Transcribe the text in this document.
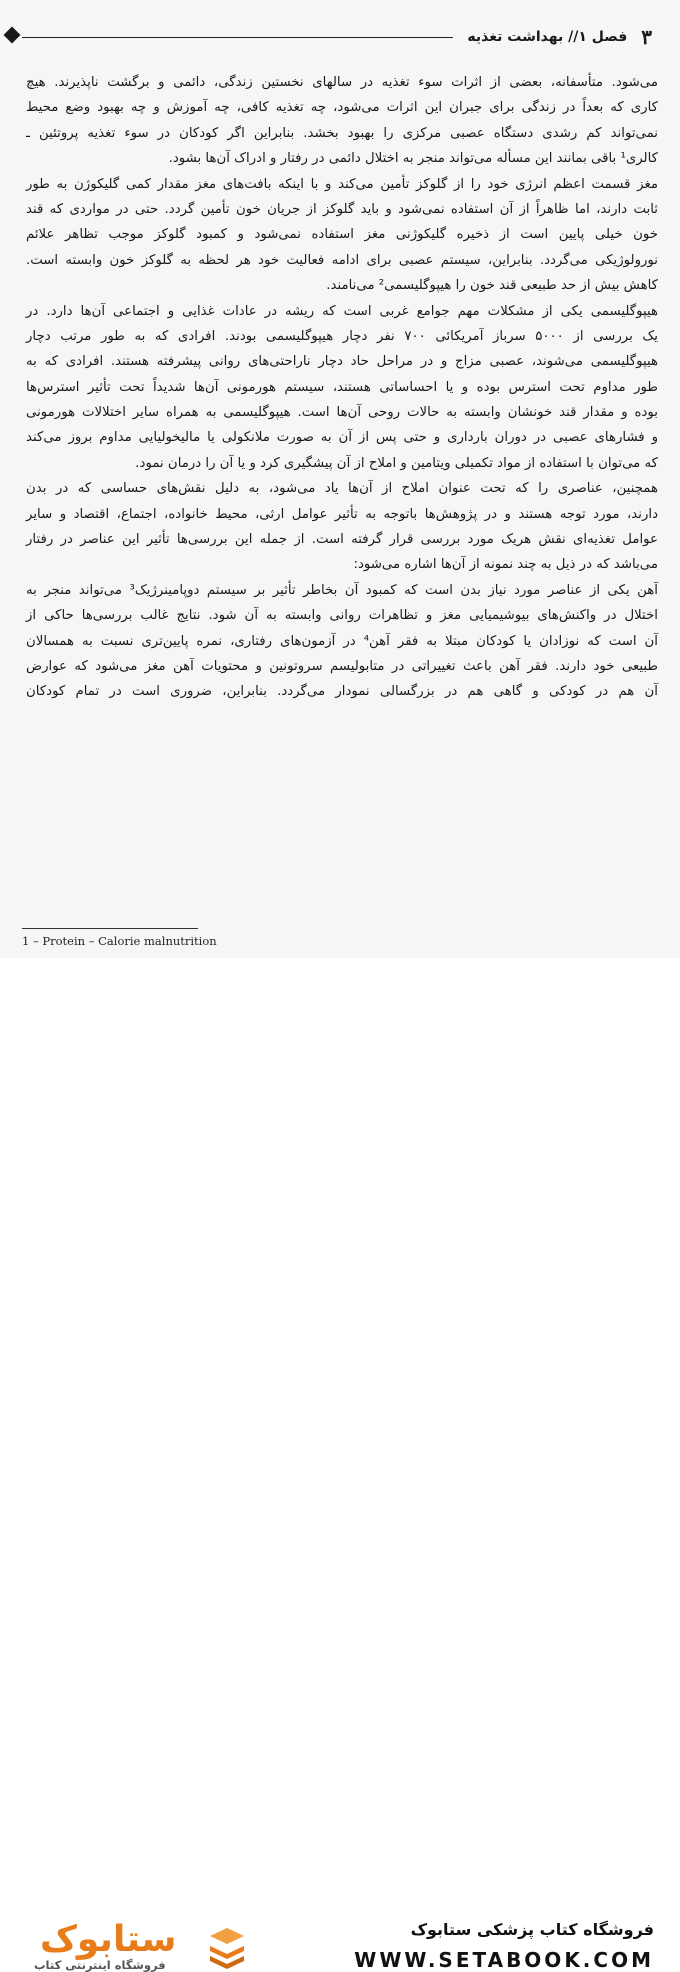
۳
فصل ۱// بهداشت تغذیه
می‌شود. متأسفانه، بعضی از اثرات سوء تغذیه در سالهای نخستین زندگی، دائمی و برگشت ناپذیرند. هیچ
کاری که بعداً در زندگی برای جبران این اثرات می‌شود، چه تغذیه کافی، چه آموزش و چه بهبود وضع محیط
نمی‌تواند کم رشدی دستگاه عصبی مرکزی را بهبود بخشد. بنابراین اگر کودکان در سوء تغذیه پروتئین ـ
کالری¹ باقی بمانند این مسأله می‌تواند منجر به اختلال دائمی در رفتار و ادراک آن‌ها بشود.
مغز قسمت اعظم انرژی خود را از گلوکز تأمین می‌کند و با اینکه بافت‌های مغز مقدار کمی گلیکوژن به طور
ثابت دارند، اما ظاهراً از آن استفاده نمی‌شود و باید گلوکز از جریان خون تأمین گردد. حتی در مواردی که قند
خون خیلی پایین است از ذخیره گلیکوژنی مغز استفاده نمی‌شود و کمبود گلوکز موجب تظاهر علائم
نورولوژیکی می‌گردد. بنابراین، سیستم عصبی برای ادامه فعالیت خود هر لحظه به گلوکز خون وابسته است.
کاهش بیش از حد طبیعی قند خون را هیپوگلیسمی² می‌نامند.
هیپوگلیسمی یکی از مشکلات مهم جوامع غربی است که ریشه در عادات غذایی و اجتماعی آن‌ها دارد. در
یک بررسی از ۵۰۰۰ سرباز آمریکائی ۷۰۰ نفر دچار هیپوگلیسمی بودند. افرادی که به طور مرتب دچار
هیپوگلیسمی می‌شوند، عصبی مزاج و در مراحل حاد دچار ناراحتی‌های روانی پیشرفته هستند. افرادی که به
طور مداوم تحت استرس بوده و یا احساساتی هستند، سیستم هورمونی آن‌ها شدیداً تحت تأثیر استرس‌ها
بوده و مقدار قند خونشان وابسته به حالات روحی آن‌ها است. هیپوگلیسمی به همراه سایر اختلالات هورمونی
و فشارهای عصبی در دوران بارداری و حتی پس از آن به صورت ملانکولی یا مالیخولیایی مداوم بروز می‌کند
که می‌توان با استفاده از مواد تکمیلی ویتامین و املاح از آن پیشگیری کرد و یا آن را درمان نمود.
همچنین، عناصری را که تحت عنوان املاح از آن‌ها یاد می‌شود، به دلیل نقش‌های حساسی که در بدن
دارند، مورد توجه هستند و در پژوهش‌ها باتوجه به تأثیر عوامل ارثی، محیط خانواده، اجتماع، اقتصاد و سایر
عوامل تغذیه‌ای نقش هریک مورد بررسی قرار گرفته است. از جمله این بررسی‌ها تأثیر این عناصر در رفتار
می‌باشد که در ذیل به چند نمونه از آن‌ها اشاره می‌شود:
آهن یکی از عناصر مورد نیاز بدن است که کمبود آن بخاطر تأثیر بر سیستم دوپامینرژیک³ می‌تواند منجر به
اختلال در واکنش‌های بیوشیمیایی مغز و تظاهرات روانی وابسته به آن شود. نتایج غالب بررسی‌ها حاکی از
آن است که نوزادان یا کودکان مبتلا به فقر آهن⁴ در آزمون‌های رفتاری، نمره پایین‌تری نسبت به همسالان
طبیعی خود دارند. فقر آهن باعث تغییراتی در متابولیسم سروتونین و محتویات آهن مغز می‌شود که عوارض
آن هم در کودکی و گاهی هم در بزرگسالی نمودار می‌گردد. بنابراین، ضروری است در تمام کودکان
1 – Protein – Calorie malnutrition
ستابوک
فروشگاه اینترنتی کتاب
فروشگاه کتاب پزشکی ستابوک
WWW.SETABOOK.COM
